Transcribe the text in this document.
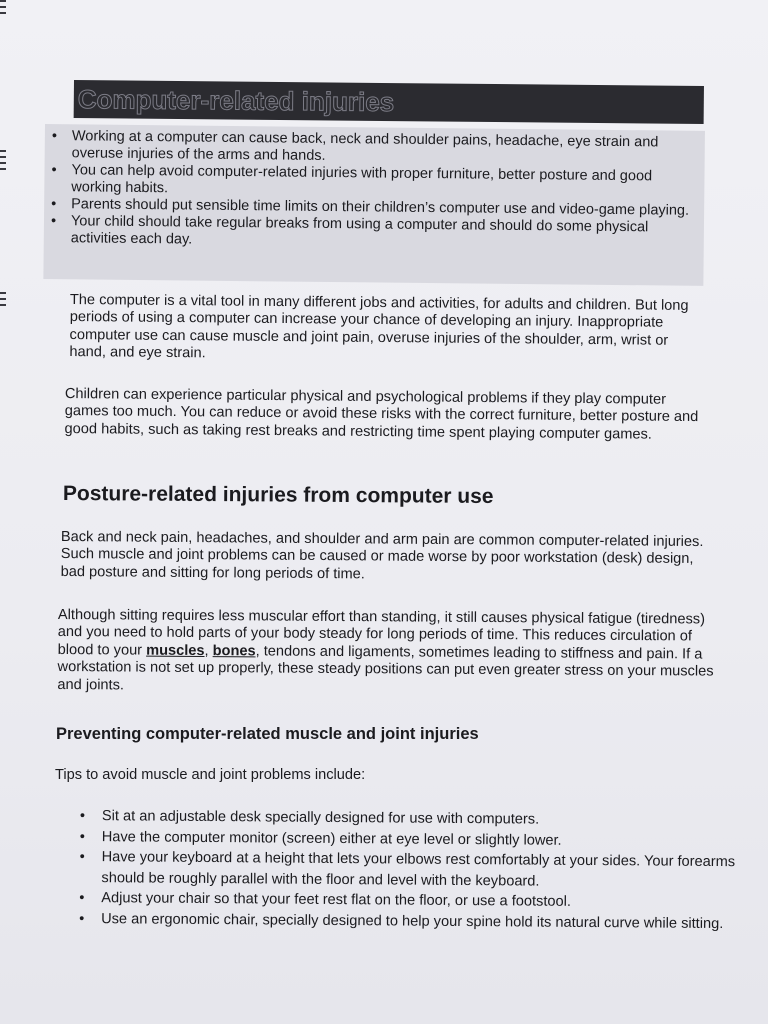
Computer-related injuries
• Working at a computer can cause back, neck and shoulder pains, headache, eye strain and overuse injuries of the arms and hands.
• You can help avoid computer-related injuries with proper furniture, better posture and good working habits.
• Parents should put sensible time limits on their children’s computer use and video-game playing.
• Your child should take regular breaks from using a computer and should do some physical activities each day.

The computer is a vital tool in many different jobs and activities, for adults and children. But long periods of using a computer can increase your chance of developing an injury. Inappropriate computer use can cause muscle and joint pain, overuse injuries of the shoulder, arm, wrist or hand, and eye strain.

Children can experience particular physical and psychological problems if they play computer games too much. You can reduce or avoid these risks with the correct furniture, better posture and good habits, such as taking rest breaks and restricting time spent playing computer games.

Posture-related injuries from computer use

Back and neck pain, headaches, and shoulder and arm pain are common computer-related injuries. Such muscle and joint problems can be caused or made worse by poor workstation (desk) design, bad posture and sitting for long periods of time.

Although sitting requires less muscular effort than standing, it still causes physical fatigue (tiredness) and you need to hold parts of your body steady for long periods of time. This reduces circulation of blood to your muscles, bones, tendons and ligaments, sometimes leading to stiffness and pain. If a workstation is not set up properly, these steady positions can put even greater stress on your muscles and joints.

Preventing computer-related muscle and joint injuries

Tips to avoid muscle and joint problems include:

• Sit at an adjustable desk specially designed for use with computers.
• Have the computer monitor (screen) either at eye level or slightly lower.
• Have your keyboard at a height that lets your elbows rest comfortably at your sides. Your forearms should be roughly parallel with the floor and level with the keyboard.
• Adjust your chair so that your feet rest flat on the floor, or use a footstool.
• Use an ergonomic chair, specially designed to help your spine hold its natural curve while sitting.
